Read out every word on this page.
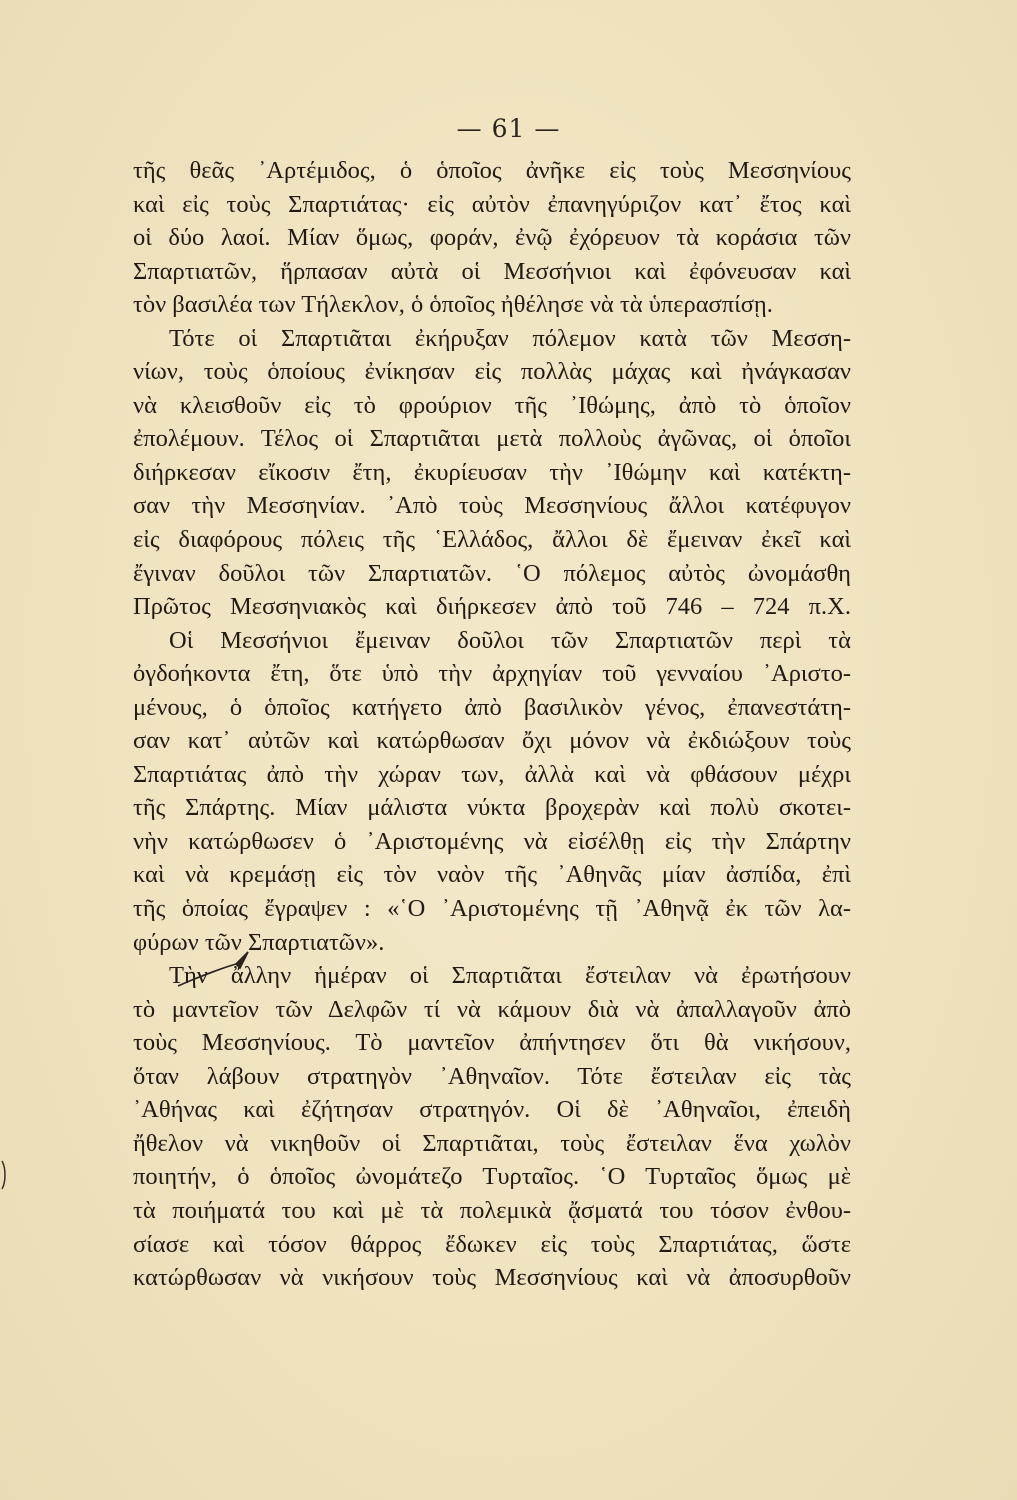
— 61 —
τῆς θεᾶς ᾽Αρτέμιδος, ὁ ὁποῖος ἀνῆκε εἰς τοὺς Μεσσηνίους
καὶ εἰς τοὺς Σπαρτιάτας· εἰς αὐτὸν ἐπανηγύριζον κατ᾽ ἔτος καὶ
οἱ δύο λαοί. Μίαν ὅμως, φοράν, ἐνῷ ἐχόρευον τὰ κοράσια τῶν
Σπαρτιατῶν, ἥρπασαν αὐτὰ οἱ Μεσσήνιοι καὶ ἐφόνευσαν καὶ
τὸν βασιλέα των Τήλεκλον, ὁ ὁποῖος ἠθέλησε νὰ τὰ ὑπερασπίσῃ.
Τότε οἱ Σπαρτιᾶται ἐκήρυξαν πόλεμον κατὰ τῶν Μεσση-
νίων, τοὺς ὁποίους ἐνίκησαν εἰς πολλὰς μάχας καὶ ἠνάγκασαν
νὰ κλεισθοῦν εἰς τὸ φρούριον τῆς ᾽Ιθώμης, ἀπὸ τὸ ὁποῖον
ἐπολέμουν. Τέλος οἱ Σπαρτιᾶται μετὰ πολλοὺς ἀγῶνας, οἱ ὁποῖοι
διήρκεσαν εἴκοσιν ἔτη, ἐκυρίευσαν τὴν ᾽Ιθώμην καὶ κατέκτη-
σαν τὴν Μεσσηνίαν. ᾽Απὸ τοὺς Μεσσηνίους ἄλλοι κατέφυγον
εἰς διαφόρους πόλεις τῆς ῾Ελλάδος, ἄλλοι δὲ ἔμειναν ἐκεῖ καὶ
ἔγιναν δοῦλοι τῶν Σπαρτιατῶν. ῾Ο πόλεμος αὐτὸς ὠνομάσθη
Πρῶτος Μεσσηνιακὸς καὶ διήρκεσεν ἀπὸ τοῦ 746 – 724 π.Χ.
Οἱ Μεσσήνιοι ἔμειναν δοῦλοι τῶν Σπαρτιατῶν περὶ τὰ
ὀγδοήκοντα ἔτη, ὅτε ὑπὸ τὴν ἀρχηγίαν τοῦ γενναίου ᾽Αριστο-
μένους, ὁ ὁποῖος κατήγετο ἀπὸ βασιλικὸν γένος, ἐπανεστάτη-
σαν κατ᾽ αὐτῶν καὶ κατώρθωσαν ὄχι μόνον νὰ ἐκδιώξουν τοὺς
Σπαρτιάτας ἀπὸ τὴν χώραν των, ἀλλὰ καὶ νὰ φθάσουν μέχρι
τῆς Σπάρτης. Μίαν μάλιστα νύκτα βροχερὰν καὶ πολὺ σκοτει-
νὴν κατώρθωσεν ὁ ᾽Αριστομένης νὰ εἰσέλθῃ εἰς τὴν Σπάρτην
καὶ νὰ κρεμάσῃ εἰς τὸν ναὸν τῆς ᾽Αθηνᾶς μίαν ἀσπίδα, ἐπὶ
τῆς ὁποίας ἔγραψεν : «῾Ο ᾽Αριστομένης τῇ ᾽Αθηνᾷ ἐκ τῶν λα-
φύρων τῶν Σπαρτιατῶν».
Τὴν ἄλλην ἡμέραν οἱ Σπαρτιᾶται ἔστειλαν νὰ ἐρωτήσουν
τὸ μαντεῖον τῶν Δελφῶν τί νὰ κάμουν διὰ νὰ ἀπαλλαγοῦν ἀπὸ
τοὺς Μεσσηνίους. Τὸ μαντεῖον ἀπήντησεν ὅτι θὰ νικήσουν,
ὅταν λάβουν στρατηγὸν ᾽Αθηναῖον. Τότε ἔστειλαν εἰς τὰς
᾽Αθήνας καὶ ἐζήτησαν στρατηγόν. Οἱ δὲ ᾽Αθηναῖοι, ἐπειδὴ
ἤθελον νὰ νικηθοῦν οἱ Σπαρτιᾶται, τοὺς ἔστειλαν ἕνα χωλὸν
ποιητήν, ὁ ὁποῖος ὠνομάτεζο Τυρταῖος. ῾Ο Τυρταῖος ὅμως μὲ
τὰ ποιήματά του καὶ μὲ τὰ πολεμικὰ ᾄσματά του τόσον ἐνθου-
σίασε καὶ τόσον θάρρος ἔδωκεν εἰς τοὺς Σπαρτιάτας, ὥστε
κατώρθωσαν νὰ νικήσουν τοὺς Μεσσηνίους καὶ νὰ ἀποσυρθοῦν
